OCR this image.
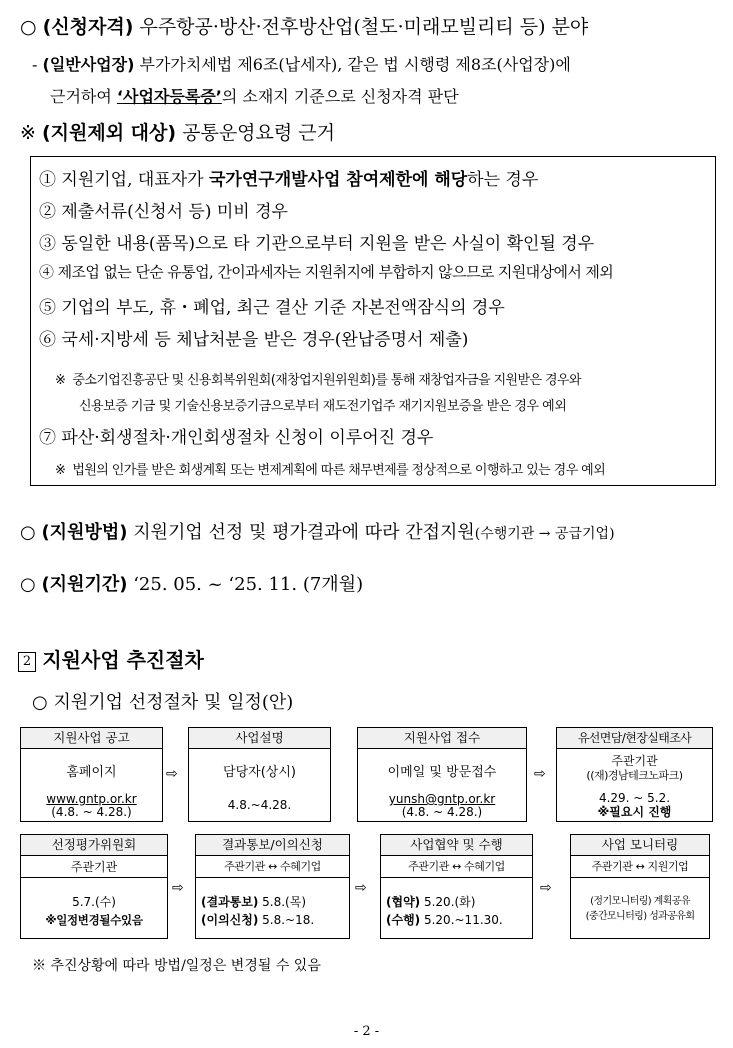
○ (신청자격) 우주항공·방산·전후방산업(철도·미래모빌리티 등) 분야
- (일반사업장) 부가가치세법 제6조(납세자), 같은 법 시행령 제8조(사업장)에
근거하여 ‘사업자등록증’의 소재지 기준으로 신청자격 판단
※ (지원제외 대상) 공통운영요령 근거
① 지원기업, 대표자가 국가연구개발사업 참여제한에 해당하는 경우
② 제출서류(신청서 등) 미비 경우
③ 동일한 내용(품목)으로 타 기관으로부터 지원을 받은 사실이 확인될 경우
④ 제조업 없는 단순 유통업, 간이과세자는 지원취지에 부합하지 않으므로 지원대상에서 제외
⑤ 기업의 부도, 휴・폐업, 최근 결산 기준 자본전액잠식의 경우
⑥ 국세·지방세 등 체납처분을 받은 경우(완납증명서 제출)
※ 중소기업진흥공단 및 신용회복위원회(재창업지원위원회)를 통해 재창업자금을 지원받은 경우와
신용보증 기금 및 기술신용보증기금으로부터 재도전기업주 재기지원보증을 받은 경우 예외
⑦ 파산·회생절차·개인회생절차 신청이 이루어진 경우
※ 법원의 인가를 받은 회생계획 또는 변제계획에 따른 채무변제를 정상적으로 이행하고 있는 경우 예외
○ (지원방법) 지원기업 선정 및 평가결과에 따라 간접지원(수행기관 → 공급기업)
○ (지원기간) ‘25. 05. ~ ‘25. 11. (7개월)
2 지원사업 추진절차
○ 지원기업 선정절차 및 일정(안)
지원사업 공고
홈페이지
www.gntp.or.kr
(4.8. ~ 4.28.)
⇨
사업설명
담당자(상시)
4.8.~4.28.
지원사업 접수
이메일 및 방문접수
yunsh@gntp.or.kr
(4.8. ~ 4.28.)
⇨
유선면담/현장실태조사
주관기관
((재)경남테크노파크)
4.29. ~ 5.2.
※필요시 진행
선정평가위원회
주관기관
5.7.(수)
※일정변경될수있음
⇨
결과통보/이의신청
주관기관 ↔ 수혜기업
(결과통보) 5.8.(목)
(이의신청) 5.8.~18.
⇨
사업협약 및 수행
주관기관 ↔ 수혜기업
(협약) 5.20.(화)
(수행) 5.20.~11.30.
⇨
사업 모니터링
주관기관 ↔ 지원기업
(정기모니터링) 계획공유
(중간모니터링) 성과공유회
※ 추진상황에 따라 방법/일정은 변경될 수 있음
- 2 -
